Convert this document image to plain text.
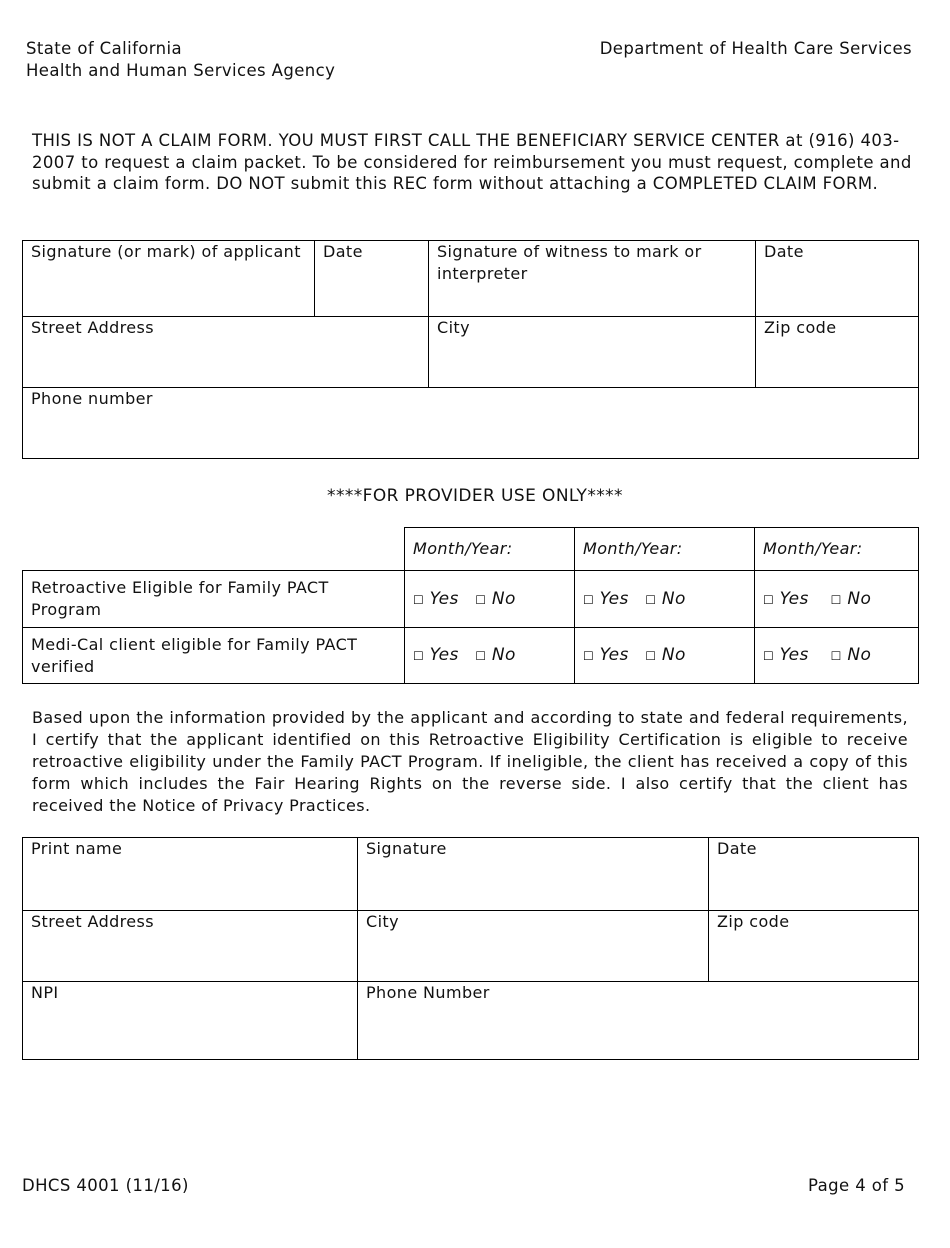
State of California
Health and Human Services Agency
Department of Health Care Services
THIS IS NOT A CLAIM FORM. YOU MUST FIRST CALL THE BENEFICIARY SERVICE CENTER at (916) 403-2007 to request a claim packet. To be considered for reimbursement you must request, complete and submit a claim form. DO NOT submit this REC form without attaching a COMPLETED CLAIM FORM.
Signature (or mark) of applicant	Date	Signature of witness to mark or interpreter	Date
Street Address		City	Zip code
Phone number			
****FOR PROVIDER USE ONLY****
	Month/Year:	Month/Year:	Month/Year:
Retroactive Eligible for Family PACT Program	☐ Yes ☐ No	☐ Yes ☐ No	☐ Yes ☐ No
Medi-Cal client eligible for Family PACT verified	☐ Yes ☐ No	☐ Yes ☐ No	☐ Yes ☐ No
Based upon the information provided by the applicant and according to state and federal requirements, I certify that the applicant identified on this Retroactive Eligibility Certification is eligible to receive retroactive eligibility under the Family PACT Program. If ineligible, the client has received a copy of this form which includes the Fair Hearing Rights on the reverse side. I also certify that the client has received the Notice of Privacy Practices.
Print name	Signature	Date
Street Address	City	Zip code
NPI	Phone Number	
DHCS 4001 (11/16)	Page 4 of 5
